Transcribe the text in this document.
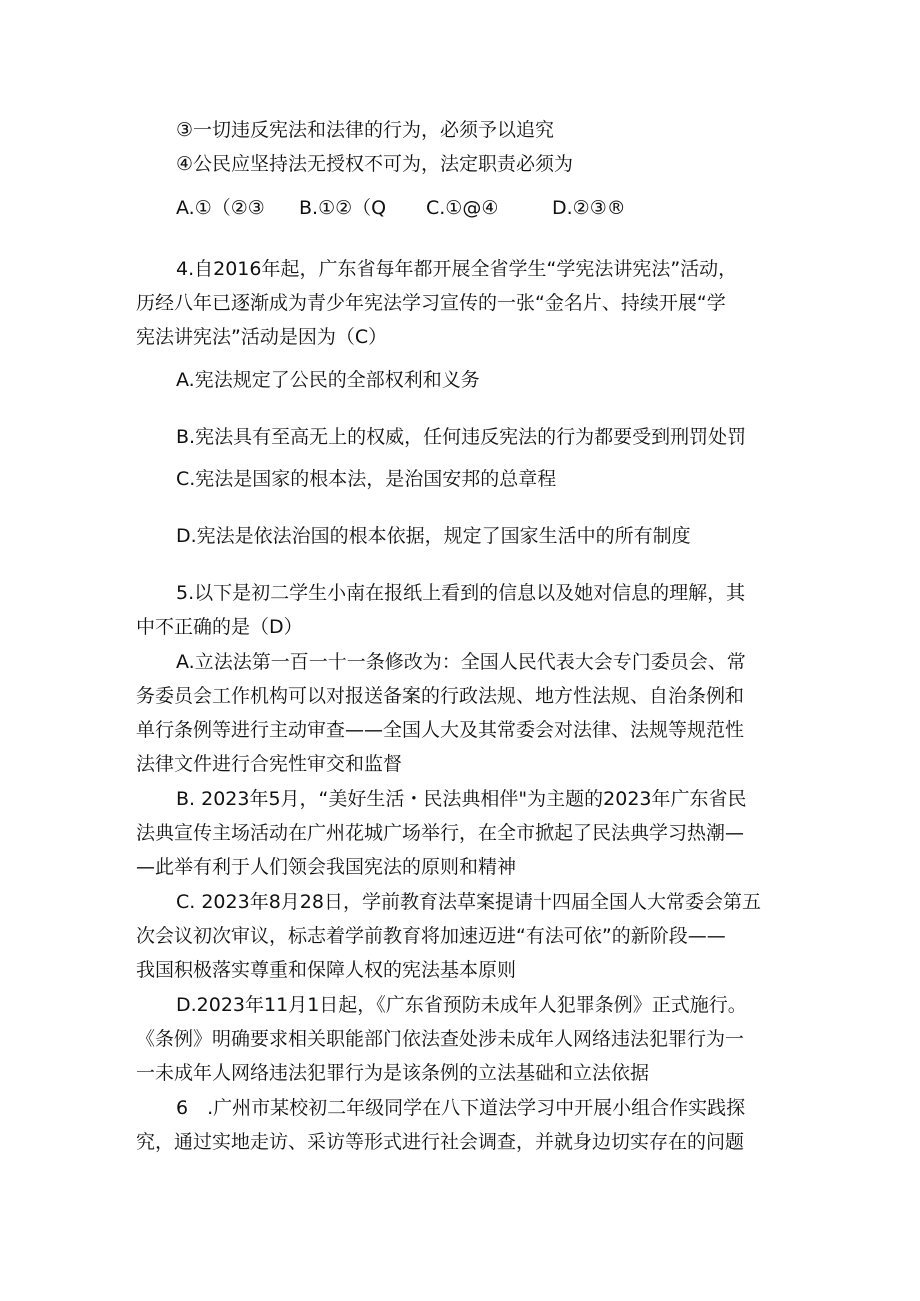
③一切违反宪法和法律的行为，必须予以追究
④公民应坚持法无授权不可为，法定职责必须为
A.①（②③ B.①②（Q C.①@④	D.②③®
4.自2016年起，广东省每年都开展全省学生“学宪法讲宪法”活动，
历经八年已逐渐成为青少年宪法学习宣传的一张“金名片、持续开展“学
宪法讲宪法”活动是因为（C）
A.宪法规定了公民的全部权利和义务
B.宪法具有至高无上的权威，任何违反宪法的行为都要受到刑罚处罚
C.宪法是国家的根本法，是治国安邦的总章程
D.宪法是依法治国的根本依据，规定了国家生活中的所有制度
5.以下是初二学生小南在报纸上看到的信息以及她对信息的理解，其
中不正确的是（D）
A.立法法第一百一十一条修改为：全国人民代表大会专门委员会、常
务委员会工作机构可以对报送备案的行政法规、地方性法规、自治条例和
单行条例等进行主动审查——全国人大及其常委会对法律、法规等规范性
法律文件进行合宪性审交和监督
B. 2023年5月，“美好生活・民法典相伴"为主题的2023年广东省民
法典宣传主场活动在广州花城广场举行，在全市掀起了民法典学习热潮—
—此举有利于人们领会我国宪法的原则和精神
C. 2023年8月28日，学前教育法草案提请十四届全国人大常委会第五
次会议初次审议，标志着学前教育将加速迈进“有法可依”的新阶段——
我国积极落实尊重和保障人权的宪法基本原则
D.2023年11月1日起，《广东省预防未成年人犯罪条例》正式施行。
《条例》明确要求相关职能部门依法查处涉未成年人网络违法犯罪行为一
一未成年人网络违法犯罪行为是该条例的立法基础和立法依据
6　.广州市某校初二年级同学在八下道法学习中开展小组合作实践探
究，通过实地走访、采访等形式进行社会调查，并就身边切实存在的问题
